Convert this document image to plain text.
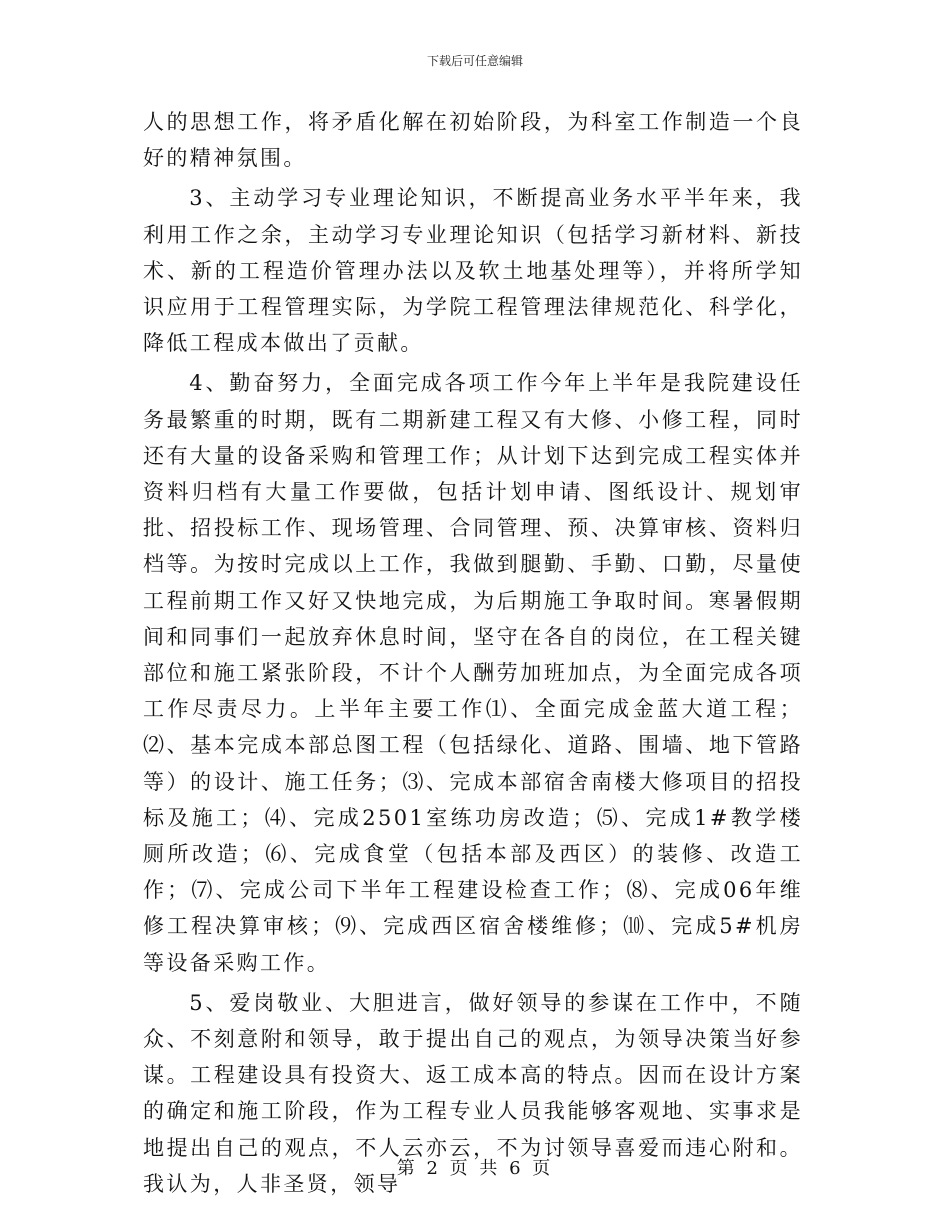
下载后可任意编辑

人的思想工作，将矛盾化解在初始阶段，为科室工作制造一个良好的精神氛围。

3、主动学习专业理论知识，不断提高业务水平半年来，我利用工作之余，主动学习专业理论知识（包括学习新材料、新技术、新的工程造价管理办法以及软土地基处理等），并将所学知识应用于工程管理实际，为学院工程管理法律规范化、科学化，降低工程成本做出了贡献。

4、勤奋努力，全面完成各项工作今年上半年是我院建设任务最繁重的时期，既有二期新建工程又有大修、小修工程，同时还有大量的设备采购和管理工作；从计划下达到完成工程实体并资料归档有大量工作要做，包括计划申请、图纸设计、规划审批、招投标工作、现场管理、合同管理、预、决算审核、资料归档等。为按时完成以上工作，我做到腿勤、手勤、口勤，尽量使工程前期工作又好又快地完成，为后期施工争取时间。寒暑假期间和同事们一起放弃休息时间，坚守在各自的岗位，在工程关键部位和施工紧张阶段，不计个人酬劳加班加点，为全面完成各项工作尽责尽力。上半年主要工作⑴、全面完成金蓝大道工程；⑵、基本完成本部总图工程（包括绿化、道路、围墙、地下管路等）的设计、施工任务；⑶、完成本部宿舍南楼大修项目的招投标及施工；⑷、完成2501室练功房改造；⑸、完成1#教学楼厕所改造；⑹、完成食堂（包括本部及西区）的装修、改造工作；⑺、完成公司下半年工程建设检查工作；⑻、完成06年维修工程决算审核；⑼、完成西区宿舍楼维修；⑽、完成5#机房等设备采购工作。

5、爱岗敬业、大胆进言，做好领导的参谋在工作中，不随众、不刻意附和领导，敢于提出自己的观点，为领导决策当好参谋。工程建设具有投资大、返工成本高的特点。因而在设计方案的确定和施工阶段，作为工程专业人员我能够客观地、实事求是地提出自己的观点，不人云亦云，不为讨领导喜爱而违心附和。我认为，人非圣贤，领导

第 2 页 共 6 页
